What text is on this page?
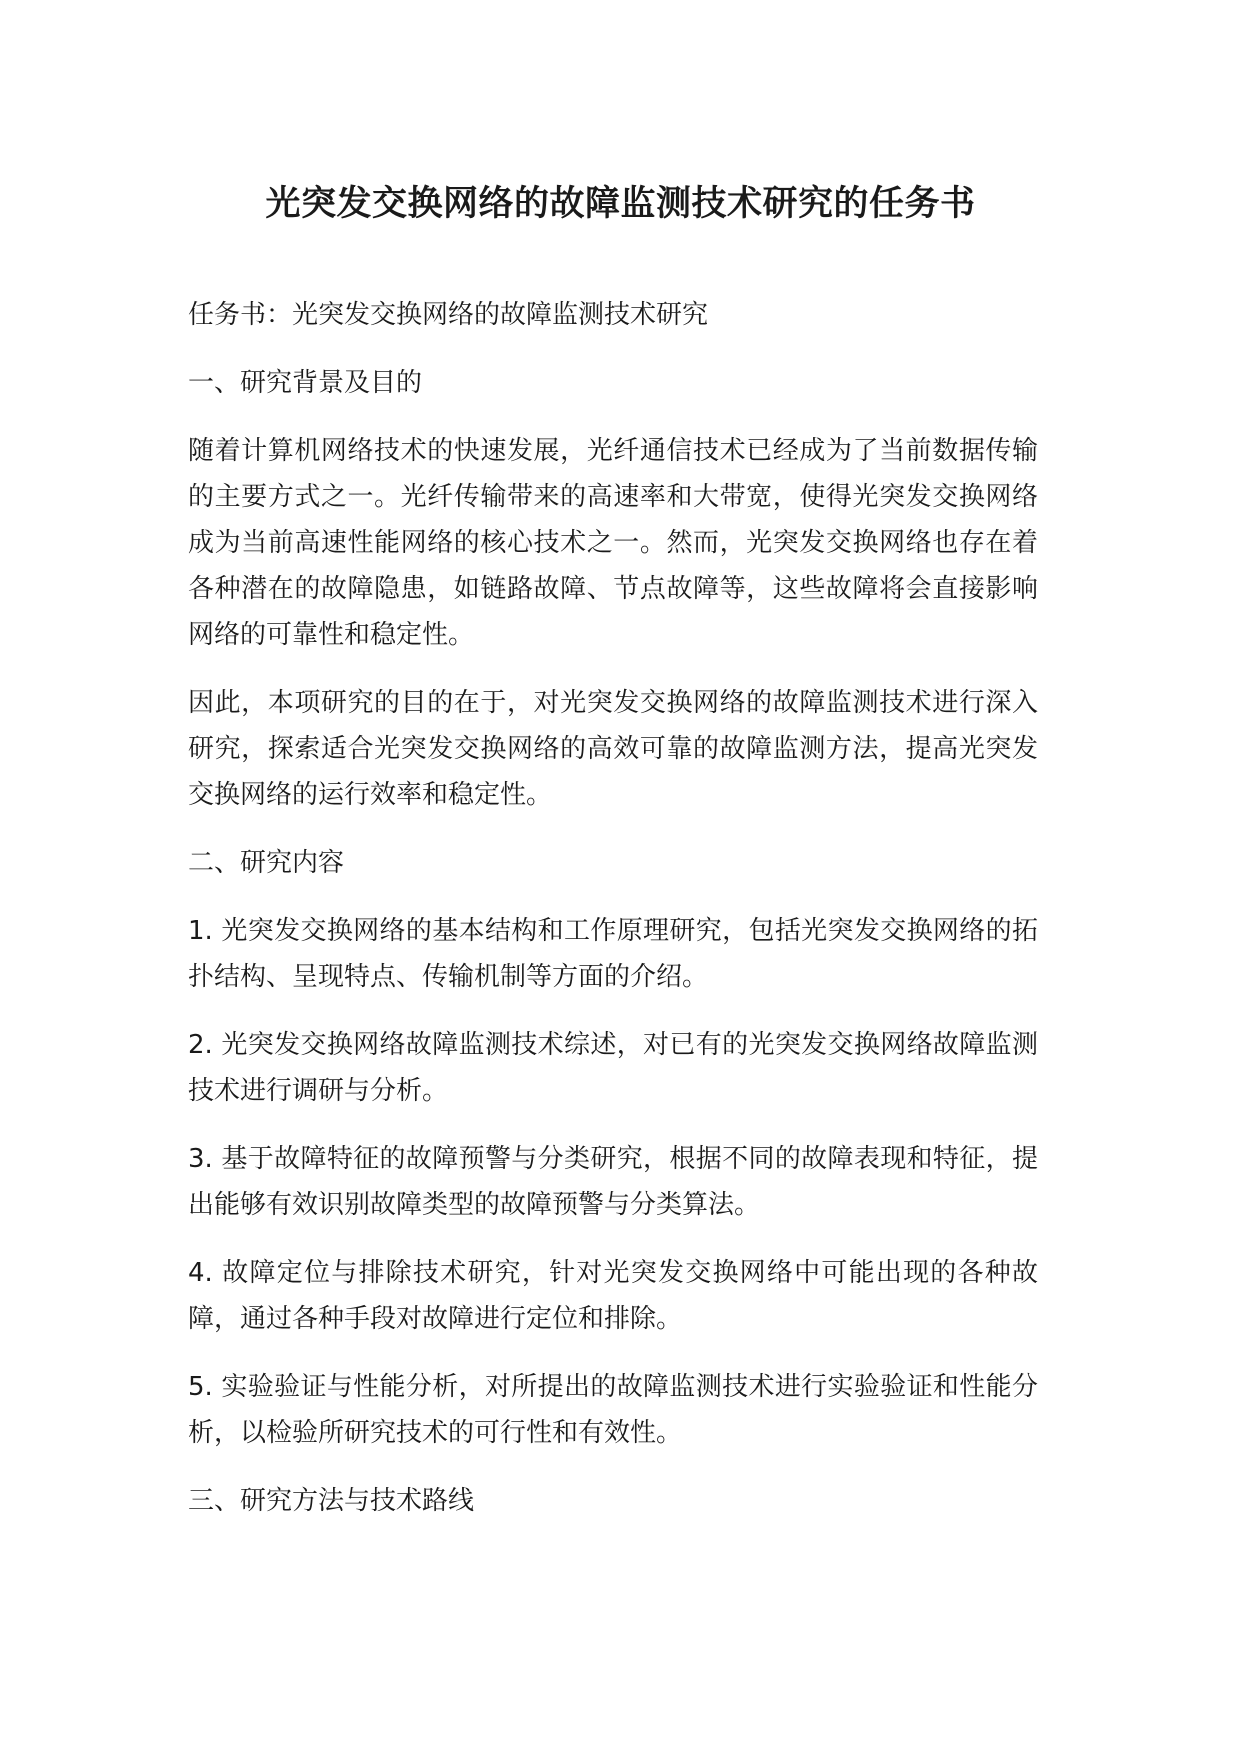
光突发交换网络的故障监测技术研究的任务书

任务书：光突发交换网络的故障监测技术研究

一、研究背景及目的

随着计算机网络技术的快速发展，光纤通信技术已经成为了当前数据传输的主要方式之一。光纤传输带来的高速率和大带宽，使得光突发交换网络成为当前高速性能网络的核心技术之一。然而，光突发交换网络也存在着各种潜在的故障隐患，如链路故障、节点故障等，这些故障将会直接影响网络的可靠性和稳定性。

因此，本项研究的目的在于，对光突发交换网络的故障监测技术进行深入研究，探索适合光突发交换网络的高效可靠的故障监测方法，提高光突发交换网络的运行效率和稳定性。

二、研究内容

1. 光突发交换网络的基本结构和工作原理研究，包括光突发交换网络的拓扑结构、呈现特点、传输机制等方面的介绍。

2. 光突发交换网络故障监测技术综述，对已有的光突发交换网络故障监测技术进行调研与分析。

3. 基于故障特征的故障预警与分类研究，根据不同的故障表现和特征，提出能够有效识别故障类型的故障预警与分类算法。

4. 故障定位与排除技术研究，针对光突发交换网络中可能出现的各种故障，通过各种手段对故障进行定位和排除。

5. 实验验证与性能分析，对所提出的故障监测技术进行实验验证和性能分析，以检验所研究技术的可行性和有效性。

三、研究方法与技术路线
